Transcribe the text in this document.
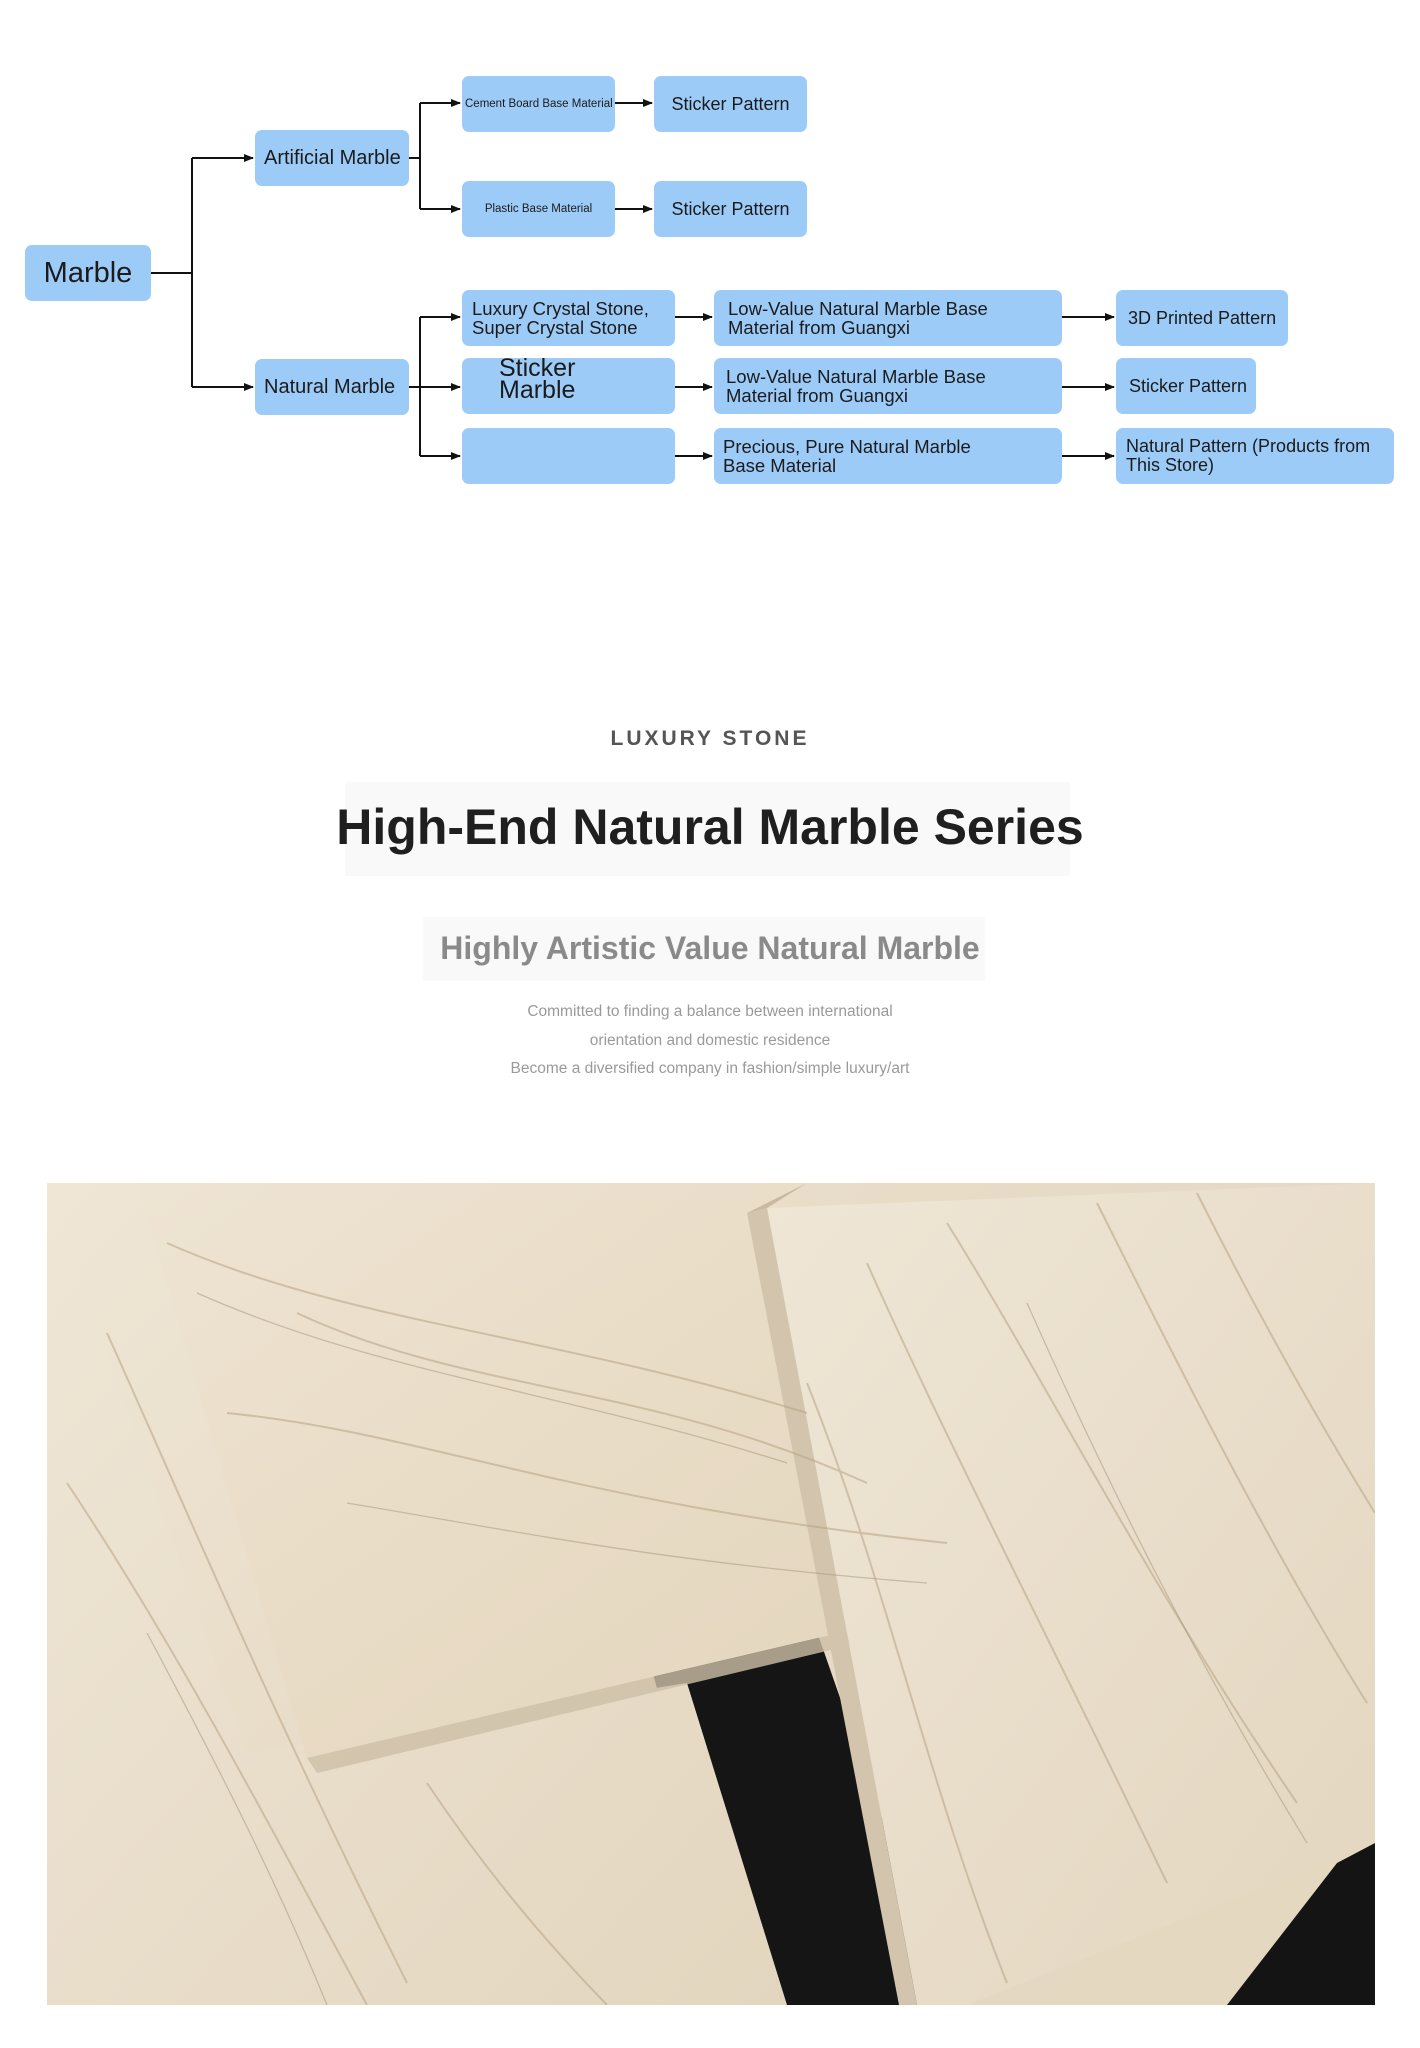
Marble
Artificial Marble
Natural Marble
Cement Board Base Material
Plastic Base Material
Sticker Pattern
Sticker Pattern
Luxury Crystal Stone, Super Crystal Stone
Sticker Marble
Low-Value Natural Marble Base Material from Guangxi
Low-Value Natural Marble Base Material from Guangxi
Precious, Pure Natural Marble Base Material
3D Printed Pattern
Sticker Pattern
Natural Pattern (Products from This Store)
LUXURY STONE
High-End Natural Marble Series
Highly Artistic Value Natural Marble
Committed to finding a balance between international
orientation and domestic residence
Become a diversified company in fashion/simple luxury/art
